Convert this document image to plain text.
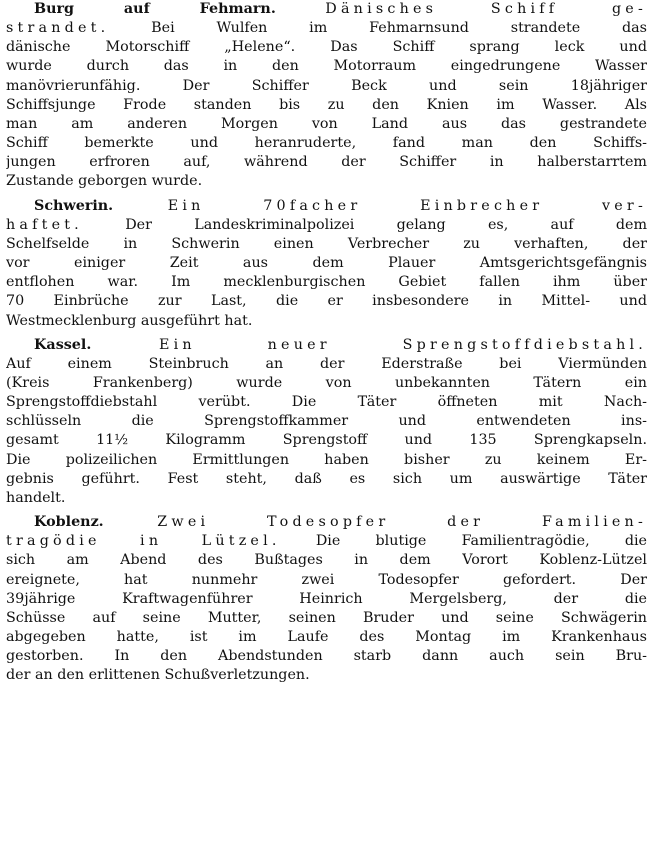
Burg auf Fehmarn.	Dänisches Schiff ge-
strandet.	Bei Wulfen im Fehmarnsund strandete das
dänische Motorschiff „Helene“. Das Schiff sprang leck und
wurde durch das in den Motorraum eingedrungene Wasser
manövrierunfähig. Der Schiffer Beck und sein 18jähriger
Schiffsjunge Frode standen bis zu den Knien im Wasser. Als
man am anderen Morgen von Land aus das gestrandete
Schiff bemerkte und heranruderte, fand man den Schiffs-
jungen erfroren auf, während der Schiffer in halberstarrtem
Zustande geborgen wurde.
Schwerin.	Ein 70facher Einbrecher ver-
haftet.	Der Landeskriminalpolizei gelang es, auf dem
Schelfselde in Schwerin einen Verbrecher zu verhaften, der
vor einiger Zeit aus dem Plauer Amtsgerichtsgefängnis
entflohen war. Im mecklenburgischen Gebiet fallen ihm über
70 Einbrüche zur Last, die er insbesondere in Mittel- und
Westmecklenburg ausgeführt hat.
Kassel.	Ein neuer Sprengstoffdiebstahl.
Auf einem Steinbruch an der Ederstraße bei Viermünden
(Kreis Frankenberg) wurde von unbekannten Tätern ein
Sprengstoffdiebstahl verübt. Die Täter öffneten mit Nach-
schlüsseln die Sprengstoffkammer und entwendeten ins-
gesamt 11½ Kilogramm Sprengstoff und 135 Sprengkapseln.
Die polizeilichen Ermittlungen haben bisher zu keinem Er-
gebnis geführt. Fest steht, daß es sich um auswärtige Täter
handelt.
Koblenz.	Zwei Todesopfer der Familien-
tragödie in Lützel. Die blutige Familientragödie, die
sich am Abend des Bußtages in dem Vorort Koblenz-Lützel
ereignete, hat nunmehr zwei Todesopfer gefordert. Der
39jährige Kraftwagenführer Heinrich Mergelsberg, der die
Schüsse auf seine Mutter, seinen Bruder und seine Schwägerin
abgegeben hatte, ist im Laufe des Montag im Krankenhaus
gestorben. In den Abendstunden starb dann auch sein Bru-
der an den erlittenen Schußverletzungen.
